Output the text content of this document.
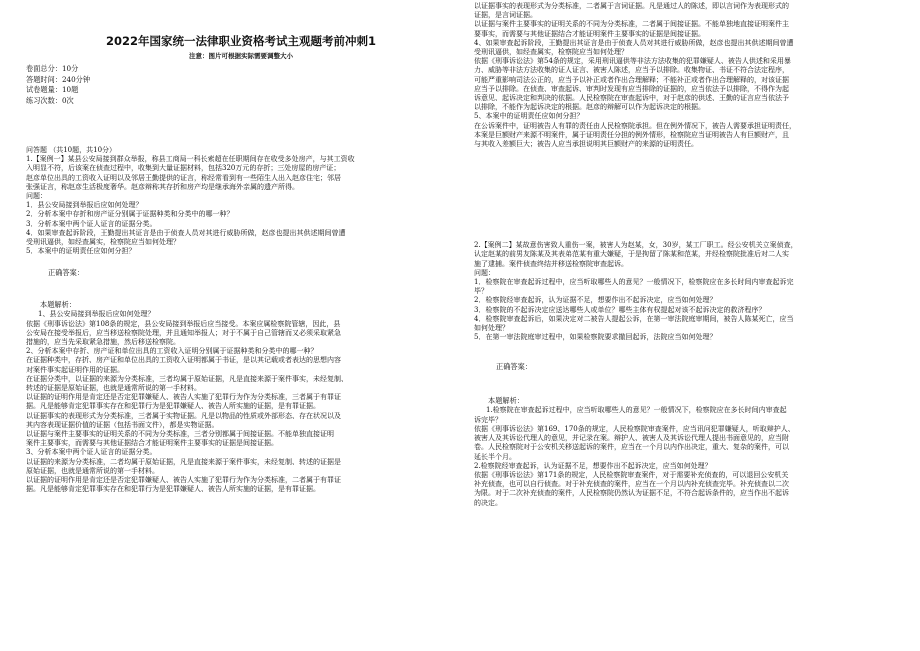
2022年国家统一法律职业资格考试主观题考前冲刺1
注意：图片可根据实际需要调整大小

卷面总分：10分

答题时间：240分钟

试卷题量：10题

练习次数：0次

问答题 （共10题，共10分）

1.【案例一】某县公安局接到群众举报，称县工商局一科长索超在任职期间存在收受多处房产，与其工资收

入明显不符，后该案在侦查过程中，收集到大量证据材料，包括320万元的存折；三处房屋的房产证；

赵彦单位出具的工资收入证明以及邻居王勤提供的证言，称经常看到有一些陌生人出入赵彦住宅；邻居

张强证言，称赵彦生活极度奢华。赵彦辩称其存折和房产均是继承海外亲属的遗产所得。

问题：

1．县公安局接到举报后应如何处理？

2．分析本案中存折和房产证分别属于证据种类和分类中的哪一种？

3．分析本案中两个证人证言的证据分类。

4．如果审查起诉阶段，王勤提出其证言是由于侦查人员对其进行威胁所做，赵彦也提出其供述期间曾遭

受刑讯逼供，如经查属实，检察院应当如何处理？

5．本案中的证明责任应如何分担？

正确答案：

本题解析：

1、县公安局接到举报后应如何处理？

依据《刑事诉讼法》第108条的规定，县公安局接到举报后应当接受。本案应属检察院管辖，因此，县

公安局在接受举报后，应当移送检察院处理，并且通知举报人；对于不属于自己管辖而又必须采取紧急

措施的，应当先采取紧急措施，然后移送检察院。

2、分析本案中存折、房产证和单位出具的工资收入证明分别属于证据种类和分类中的哪一种？

在证据种类中，存折、房产证和单位出具的工资收入证明都属于书证，是以其记载或者表达的思想内容

对案件事实起证明作用的证据。

在证据分类中，以证据的来源为分类标准，三者均属于原始证据，凡是直接来源于案件事实，未经复制、

转述的证据是原始证据，也就是通常所说的第一手材料。

以证据的证明作用是肯定还是否定犯罪嫌疑人、被告人实施了犯罪行为作为分类标准，三者属于有罪证

据。凡是能够肯定犯罪事实存在和犯罪行为是犯罪嫌疑人、被告人所实施的证据，是有罪证据。

以证据事实的表现形式为分类标准，三者属于实物证据。凡是以物品的性质或外部形态、存在状况以及

其内容表现证据价值的证据（包括书面文件），都是实物证据。

以证据与案件主要事实的证明关系的不同为分类标准，三者分别都属于间接证据。不能单独直接证明

案件主要事实，而需要与其他证据结合才能证明案件主要事实的证据是间接证据。

3、分析本案中两个证人证言的证据分类。

以证据的来源为分类标准，二者均属于原始证据，凡是直接来源于案件事实，未经复制、转述的证据是

原始证据，也就是通常所说的第一手材料。

以证据的证明作用是肯定还是否定犯罪嫌疑人、被告人实施了犯罪行为作为分类标准，二者属于有罪证

据。凡是能够肯定犯罪事实存在和犯罪行为是犯罪嫌疑人、被告人所实施的证据，是有罪证据。

以证据事实的表现形式为分类标准，二者属于言词证据。凡是通过人的陈述，即以言词作为表现形式的

证据，是言词证据。

以证据与案件主要事实的证明关系的不同为分类标准，二者属于间接证据。不能单独地直接证明案件主

要事实，而需要与其他证据结合才能证明案件主要事实的证据是间接证据。

4、如果审查起诉阶段，王勤提出其证言是由于侦查人员对其进行威胁所做，赵彦也提出其供述期间曾遭

受刑讯逼供，如经查属实，检察院应当如何处理？

依据《刑事诉讼法》第54条的规定，采用刑讯逼供等非法方法收集的犯罪嫌疑人、被告人供述和采用暴

力、威胁等非法方法收集的证人证言、被害人陈述，应当予以排除。收集物证、书证不符合法定程序，

可能严重影响司法公正的，应当予以补正或者作出合理解释；不能补正或者作出合理解释的，对该证据

应当予以排除。在侦查、审查起诉、审判时发现有应当排除的证据的，应当依法予以排除，不得作为起

诉意见、起诉决定和判决的依据。人民检察院在审查起诉中，对于赵彦的供述、王勤的证言应当依法予

以排除，不能作为起诉决定的根据。赵彦的辩解可以作为起诉决定的根据。

5、本案中的证明责任应如何分担？

在公诉案件中，证明被告人有罪的责任由人民检察院承担。但在例外情况下，被告人需要承担证明责任，

本案是巨额财产来源不明案件，属于证明责任分担的例外情形，检察院应当证明被告人有巨额财产，且

与其收入差额巨大；被告人应当承担说明其巨额财产的来源的证明责任。

2.【案例二】某故意伤害致人重伤一案，被害人为赵某，女，30岁，某工厂职工。经公安机关立案侦查，

认定赵某的前男友陈某及其表弟范某有重大嫌疑，于是拘留了陈某和范某，并经检察院批准后对二人实

施了逮捕。案件侦查终结并移送检察院审查起诉。

问题：

1．检察院在审查起诉过程中，应当听取哪些人的意见？一般情况下，检察院应在多长时间内审查起诉完

毕？

2．检察院经审查起诉，认为证据不足，想要作出不起诉决定，应当如何处理？

3．检察院的不起诉决定应送达哪些人或单位？哪些主体有权提起对该不起诉决定的救济程序？

4．检察院审查起诉后，如果决定对二被告人提起公诉，在第一审法院庭审期间，被告人陈某死亡，应当

如何处理？

5．在第一审法院庭审过程中，如果检察院要求撤回起诉，法院应当如何处理？

正确答案：

本题解析：

1.检察院在审查起诉过程中，应当听取哪些人的意见？一般情况下，检察院应在多长时间内审查起

诉完毕？

依据《刑事诉讼法》第169、170条的规定，人民检察院审查案件，应当讯问犯罪嫌疑人，听取辩护人、

被害人及其诉讼代理人的意见，并记录在案。辩护人、被害人及其诉讼代理人提出书面意见的，应当附

卷。人民检察院对于公安机关移送起诉的案件，应当在一个月以内作出决定，重大、复杂的案件，可以

延长半个月。

2.检察院经审查起诉，认为证据不足，想要作出不起诉决定，应当如何处理？

依据《刑事诉讼法》第171条的规定，人民检察院审查案件，对于需要补充侦查的，可以退回公安机关

补充侦查，也可以自行侦查。对于补充侦查的案件，应当在一个月以内补充侦查完毕。补充侦查以二次

为限。对于二次补充侦查的案件，人民检察院仍然认为证据不足，不符合起诉条件的，应当作出不起诉

的决定。
